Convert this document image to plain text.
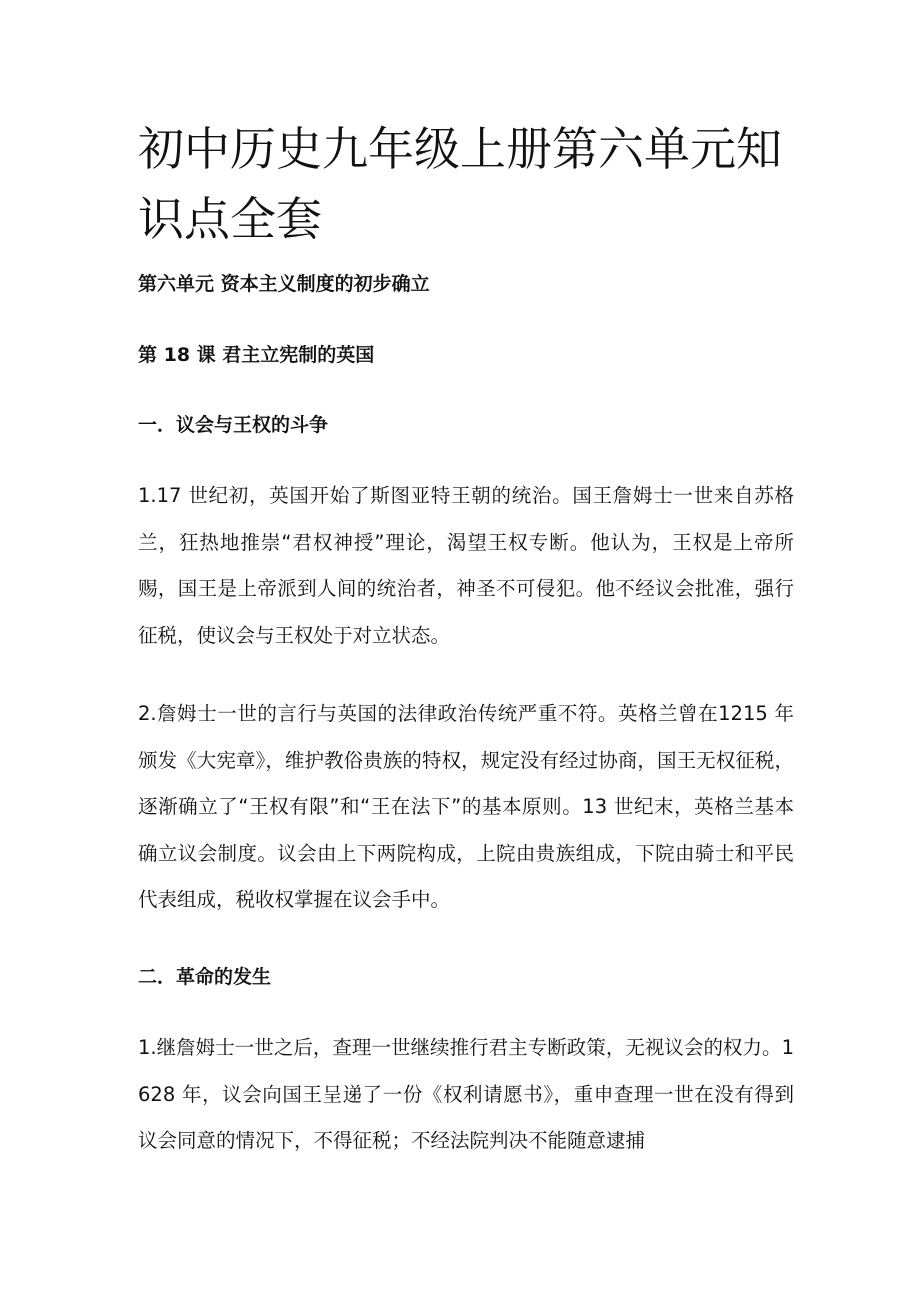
初中历史九年级上册第六单元知识点全套
第六单元 资本主义制度的初步确立
第 18 课 君主立宪制的英国
一．议会与王权的斗争

1.17 世纪初，英国开始了斯图亚特王朝的统治。国王詹姆士一世来自苏格兰，狂热地推崇“君权神授”理论，渴望王权专断。他认为，王权是上帝所赐，国王是上帝派到人间的统治者，神圣不可侵犯。他不经议会批准，强行征税，使议会与王权处于对立状态。

2.詹姆士一世的言行与英国的法律政治传统严重不符。英格兰曾在1215 年颁发《大宪章》，维护教俗贵族的特权，规定没有经过协商，国王无权征税，逐渐确立了“王权有限”和“王在法下”的基本原则。13 世纪末，英格兰基本确立议会制度。议会由上下两院构成，上院由贵族组成，下院由骑士和平民代表组成，税收权掌握在议会手中。

二．革命的发生

1.继詹姆士一世之后，查理一世继续推行君主专断政策，无视议会的权力。1628 年，议会向国王呈递了一份《权利请愿书》，重申查理一世在没有得到议会同意的情况下，不得征税；不经法院判决不能随意逮捕
